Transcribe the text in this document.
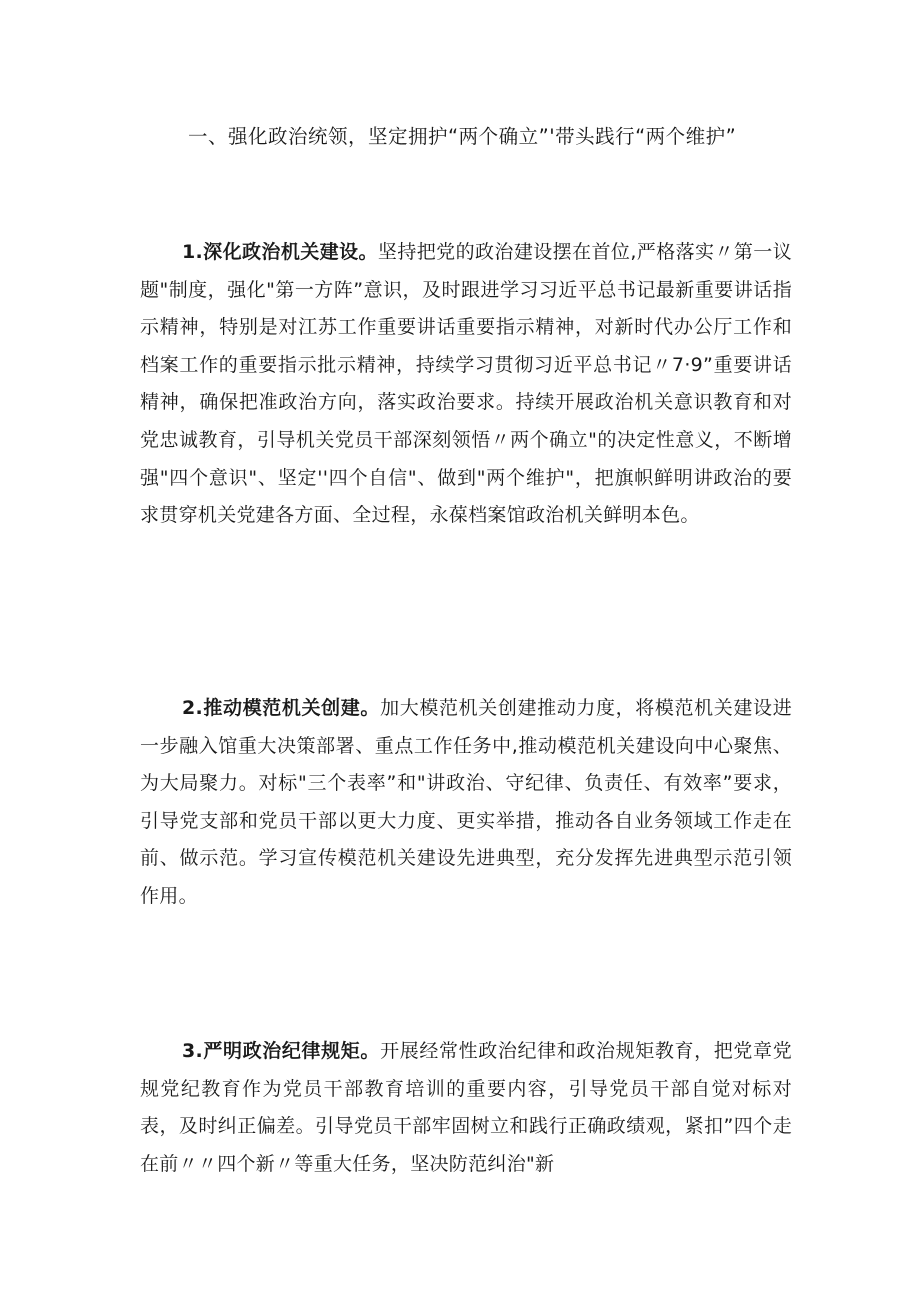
一、强化政治统领，坚定拥护“两个确立”'带头践行“两个维护”

1.深化政治机关建设。坚持把党的政治建设摆在首位,严格落实〃第一议题"制度，强化"第一方阵”意识，及时跟进学习习近平总书记最新重要讲话指示精神，特别是对江苏工作重要讲话重要指示精神，对新时代办公厅工作和档案工作的重要指示批示精神，持续学习贯彻习近平总书记〃7·9”重要讲话精神，确保把准政治方向，落实政治要求。持续开展政治机关意识教育和对党忠诚教育，引导机关党员干部深刻领悟〃两个确立"的决定性意义，不断增强"四个意识"、坚定''四个自信"、做到"两个维护"，把旗帜鲜明讲政治的要求贯穿机关党建各方面、全过程，永葆档案馆政治机关鲜明本色。

2.推动模范机关创建。加大模范机关创建推动力度，将模范机关建设进一步融入馆重大决策部署、重点工作任务中,推动模范机关建设向中心聚焦、为大局聚力。对标"三个表率”和"讲政治、守纪律、负责任、有效率”要求，引导党支部和党员干部以更大力度、更实举措，推动各自业务领域工作走在前、做示范。学习宣传模范机关建设先进典型，充分发挥先进典型示范引领作用。

3.严明政治纪律规矩。开展经常性政治纪律和政治规矩教育，把党章党规党纪教育作为党员干部教育培训的重要内容，引导党员干部自觉对标对表，及时纠正偏差。引导党员干部牢固树立和践行正确政绩观，紧扣”四个走在前〃〃四个新〃等重大任务，坚决防范纠治"新
